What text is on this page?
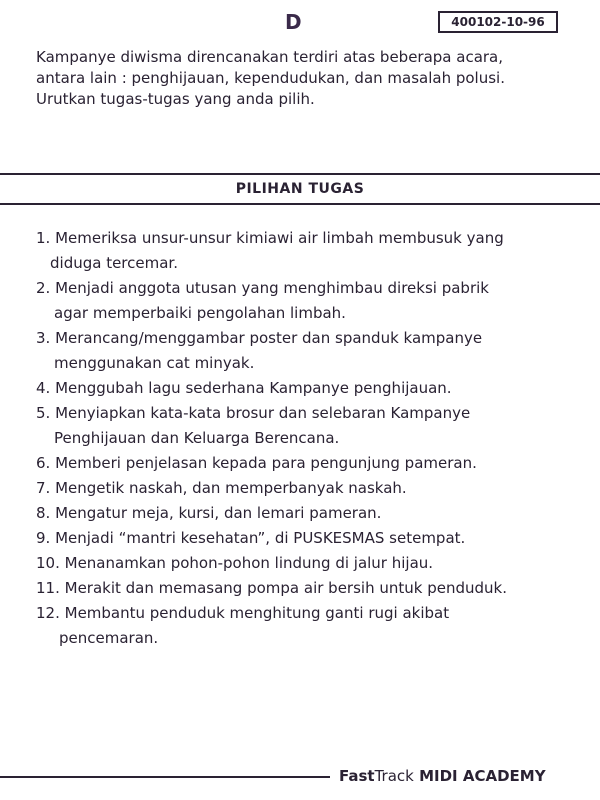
D	400102-10-96
Kampanye diwisma direncanakan terdiri atas beberapa acara,
antara lain : penghijauan, kependudukan, dan masalah polusi.
Urutkan tugas-tugas yang anda pilih.
PILIHAN TUGAS
1. Memeriksa unsur-unsur kimiawi air limbah membusuk yang
diduga tercemar.
2. Menjadi anggota utusan yang menghimbau direksi pabrik
agar memperbaiki pengolahan limbah.
3. Merancang/menggambar poster dan spanduk kampanye
menggunakan cat minyak.
4. Menggubah lagu sederhana Kampanye penghijauan.
5. Menyiapkan kata-kata brosur dan selebaran Kampanye
Penghijauan dan Keluarga Berencana.
6. Memberi penjelasan kepada para pengunjung pameran.
7. Mengetik naskah, dan memperbanyak naskah.
8. Mengatur meja, kursi, dan lemari pameran.
9. Menjadi “mantri kesehatan”, di PUSKESMAS setempat.
10. Menanamkan pohon-pohon lindung di jalur hijau.
11. Merakit dan memasang pompa air bersih untuk penduduk.
12. Membantu penduduk menghitung ganti rugi akibat
pencemaran.
FastTrack MIDI ACADEMY
